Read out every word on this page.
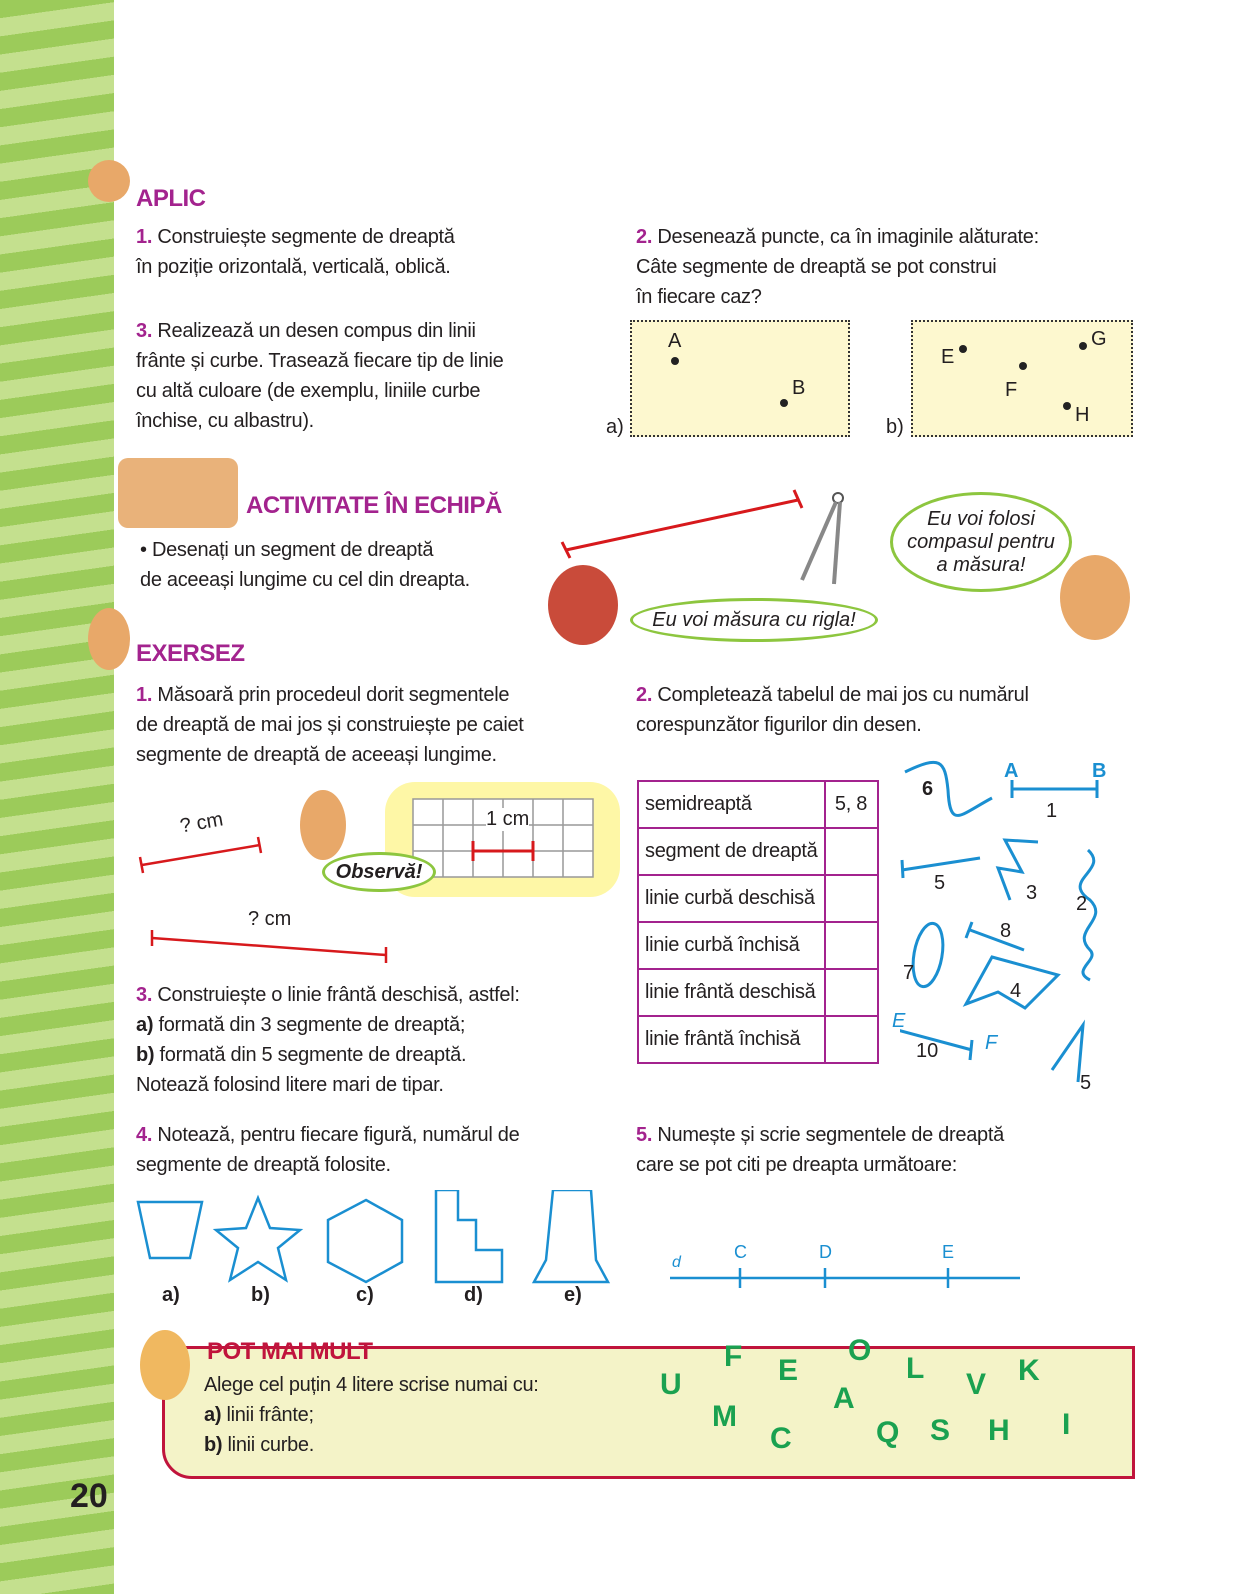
APLIC
1. Construiește segmente de dreaptă
în poziție orizontală, verticală, oblică.
3. Realizează un desen compus din linii
frânte și curbe. Trasează fiecare tip de linie
cu altă culoare (de exemplu, liniile curbe
închise, cu albastru).
2. Desenează puncte, ca în imaginile alăturate:
Câte segmente de dreaptă se pot construi
în fiecare caz?
A
B
a)
E
F
G
H
b)
ACTIVITATE ÎN ECHIPĂ
• Desenați un segment de dreaptă
de aceeași lungime cu cel din dreapta.
Eu voi măsura cu rigla!
Eu voi folosi compasul pentru a măsura!
EXERSEZ
1. Măsoară prin procedeul dorit segmentele
de dreaptă de mai jos și construiește pe caiet
segmente de dreaptă de aceeași lungime.
2. Completează tabelul de mai jos cu numărul
corespunzător figurilor din desen.
? cm
? cm
1 cm
Observă!
semidreaptă	5, 8
segment de dreaptă	
linie curbă deschisă	
linie curbă închisă	
linie frântă deschisă	
linie frântă închisă	
6
A	B
1
5	3 2
8
7
4
E
F
10
5
3. Construiește o linie frântă deschisă, astfel:
a) formată din 3 segmente de dreaptă;
b) formată din 5 segmente de dreaptă.
Notează folosind litere mari de tipar.
4. Notează, pentru fiecare figură, numărul de
segmente de dreaptă folosite.
5. Numește și scrie segmentele de dreaptă
care se pot citi pe dreapta următoare:
a)	b)	c)	d)	e)
d
C	D	E
POT MAI MULT
Alege cel puțin 4 litere scrise numai cu:
a) linii frânte;
b) linii curbe.
U
F
M
E
C
O
A
Q
L
S
V
H
K
I
20
